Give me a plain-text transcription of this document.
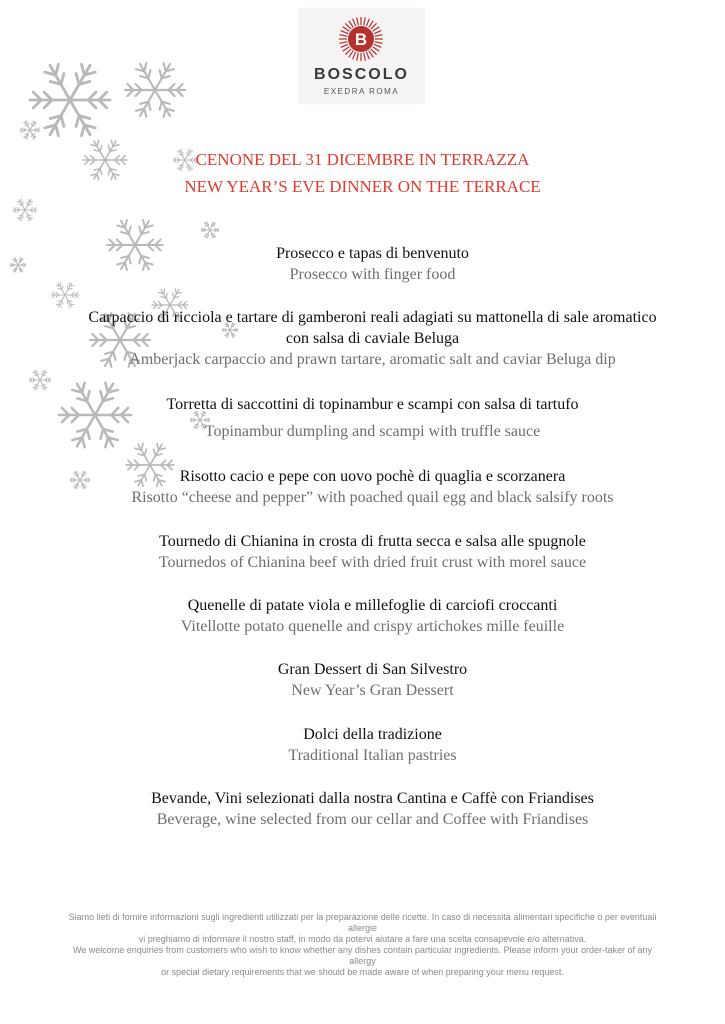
B
BOSCOLO
EXEDRA ROMA
CENONE DEL 31 DICEMBRE IN TERRAZZA
NEW YEAR’S EVE DINNER ON THE TERRACE
Prosecco e tapas di benvenuto
Prosecco with finger food
Carpaccio di ricciola e tartare di gamberoni reali adagiati su mattonella di sale aromatico
con salsa di caviale Beluga
Amberjack carpaccio and prawn tartare, aromatic salt and caviar Beluga dip
Torretta di saccottini di topinambur e scampi con salsa di tartufo
Topinambur dumpling and scampi with truffle sauce
Risotto cacio e pepe con uovo pochè di quaglia e scorzanera
Risotto “cheese and pepper” with poached quail egg and black salsify roots
Tournedo di Chianina in crosta di frutta secca e salsa alle spugnole
Tournedos of Chianina beef with dried fruit crust with morel sauce
Quenelle di patate viola e millefoglie di carciofi croccanti
Vitellotte potato quenelle and crispy artichokes mille feuille
Gran Dessert di San Silvestro
New Year’s Gran Dessert
Dolci della tradizione
Traditional Italian pastries
Bevande, Vini selezionati dalla nostra Cantina e Caffè con Friandises
Beverage, wine selected from our cellar and Coffee with Friandises
Siamo lieti di fornire informazioni sugli ingredienti utilizzati per la preparazione delle ricette. In caso di necessità alimentari specifiche o per eventuali
allergie
vi preghiamo di informare il nostro staff, in modo da potervi aiutare a fare una scelta consapevole e/o alternativa.
We welcome enquiries from customers who wish to know whether any dishes contain particular ingredients. Please inform your order-taker of any
allergy
or special dietary requirements that we should be made aware of when preparing your menu request.
